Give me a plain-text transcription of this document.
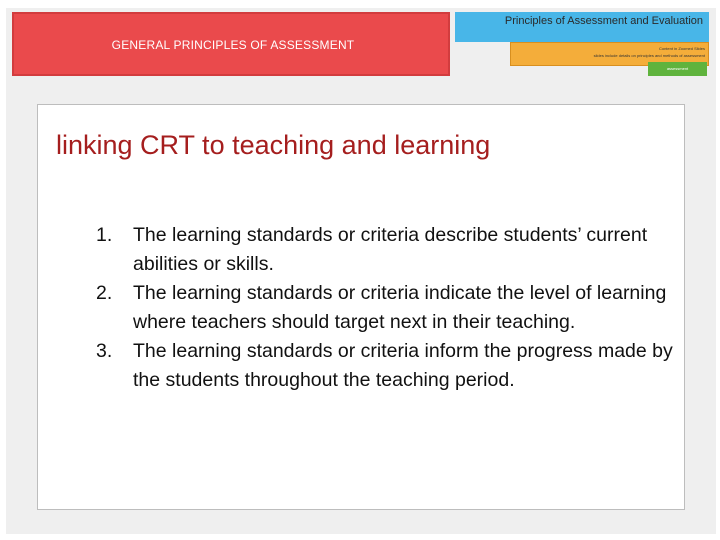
GENERAL PRINCIPLES OF ASSESSMENT
Principles of Assessment and Evaluation
Content in Zoomed Slides
slides include details on principles and methods of assessment
assessment
linking CRT to teaching and learning
1. The learning standards or criteria describe students’ current abilities or skills.
2. The learning standards or criteria indicate the level of learning where teachers should target next in their teaching.
3. The learning standards or criteria inform the progress made by the students throughout the teaching period.
